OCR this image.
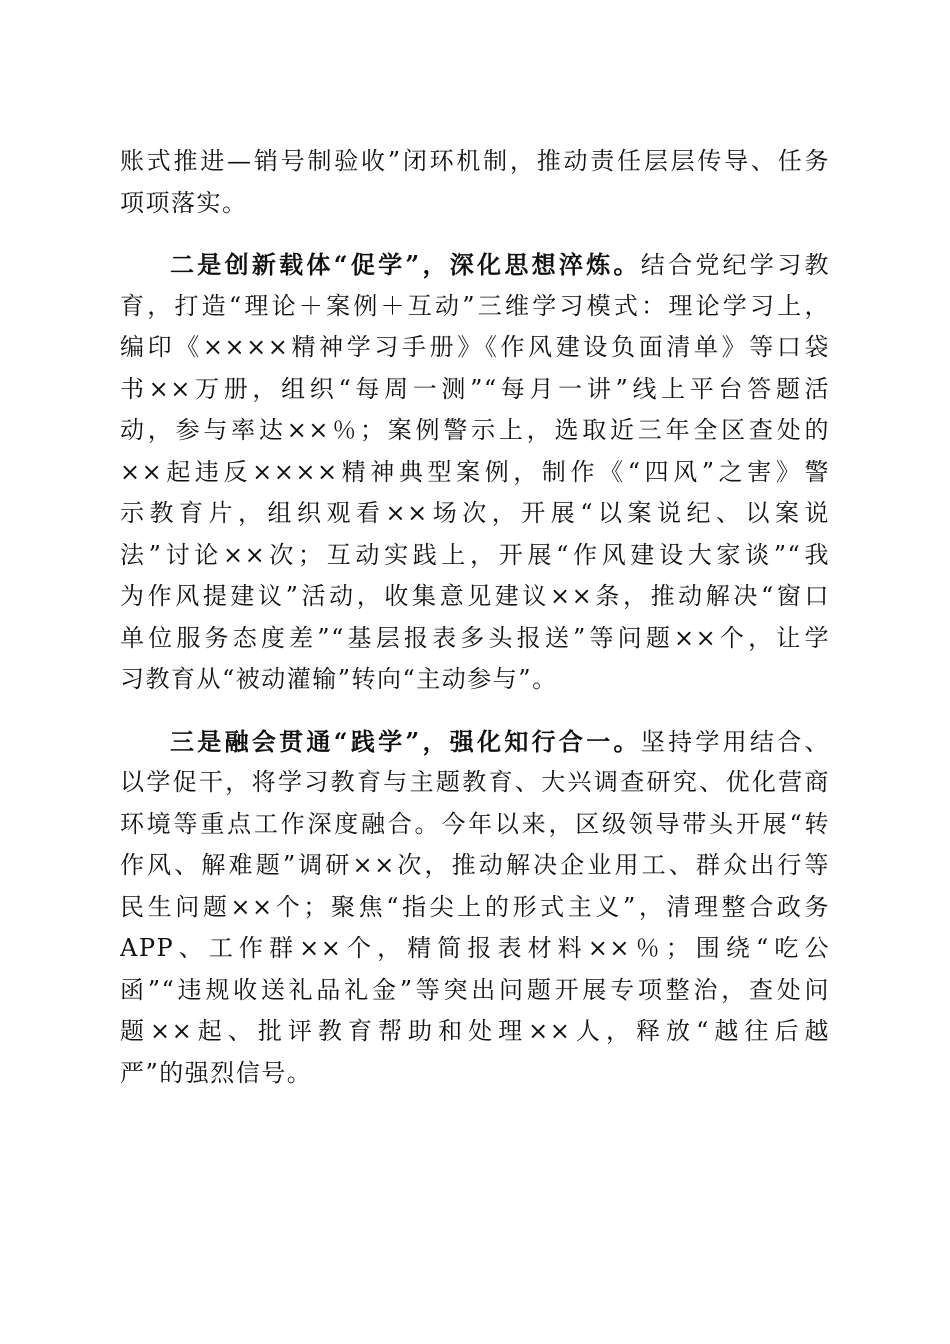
账式推进—销号制验收”闭环机制，推动责任层层传导、任务
项项落实。
二是创新载体“促学”，深化思想淬炼。结合党纪学习教
育，打造“理论＋案例＋互动”三维学习模式：理论学习上，
编印《××××精神学习手册》《作风建设负面清单》等口袋
书××万册，组织“每周一测”“每月一讲”线上平台答题活
动，参与率达××％；案例警示上，选取近三年全区查处的
××起违反××××精神典型案例，制作《“四风”之害》警
示教育片，组织观看××场次，开展“以案说纪、以案说
法”讨论××次；互动实践上，开展“作风建设大家谈”“我
为作风提建议”活动，收集意见建议××条，推动解决“窗口
单位服务态度差”“基层报表多头报送”等问题××个，让学
习教育从“被动灌输”转向“主动参与”。
三是融会贯通“践学”，强化知行合一。坚持学用结合、
以学促干，将学习教育与主题教育、大兴调查研究、优化营商
环境等重点工作深度融合。今年以来，区级领导带头开展“转
作风、解难题”调研××次，推动解决企业用工、群众出行等
民生问题××个；聚焦“指尖上的形式主义”，清理整合政务
APP、工作群××个，精简报表材料××％；围绕“吃公
函”“违规收送礼品礼金”等突出问题开展专项整治，查处问
题××起、批评教育帮助和处理××人，释放“越往后越
严”的强烈信号。
